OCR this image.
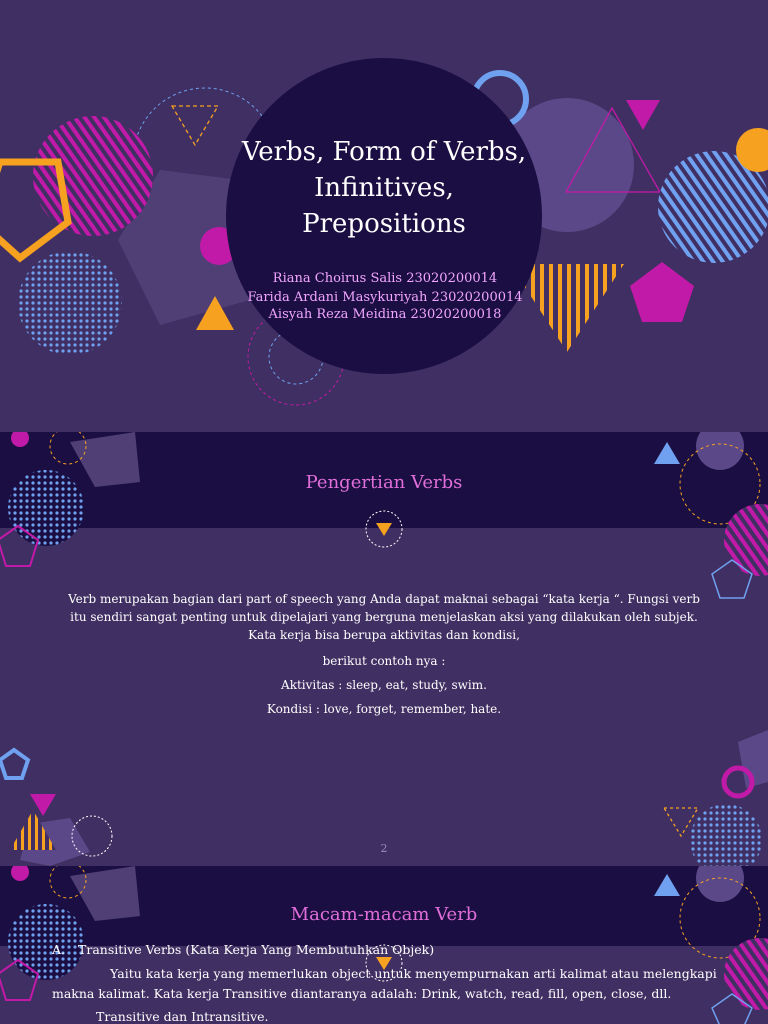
Verbs, Form of Verbs,
Infinitives,
Prepositions
Riana Choirus Salis 23020200014
Farida Ardani Masykuriyah 23020200014
Aisyah Reza Meidina 23020200018
Pengertian Verbs
Verb merupakan bagian dari part of speech yang Anda dapat maknai sebagai “kata kerja “. Fungsi verb
itu sendiri sangat penting untuk dipelajari yang berguna menjelaskan aksi yang dilakukan oleh subjek.
Kata kerja bisa berupa aktivitas dan kondisi,
berikut contoh nya :
Aktivitas : sleep, eat, study, swim.
Kondisi : love, forget, remember, hate.
2
Macam-macam Verb
A. Transitive Verbs (Kata Kerja Yang Membutuhkan Objek)
Yaitu kata kerja yang memerlukan object untuk menyempurnakan arti kalimat atau melengkapi
makna kalimat. Kata kerja Transitive diantaranya adalah: Drink, watch, read, fill, open, close, dll.
Transitive dan Intransitive.
